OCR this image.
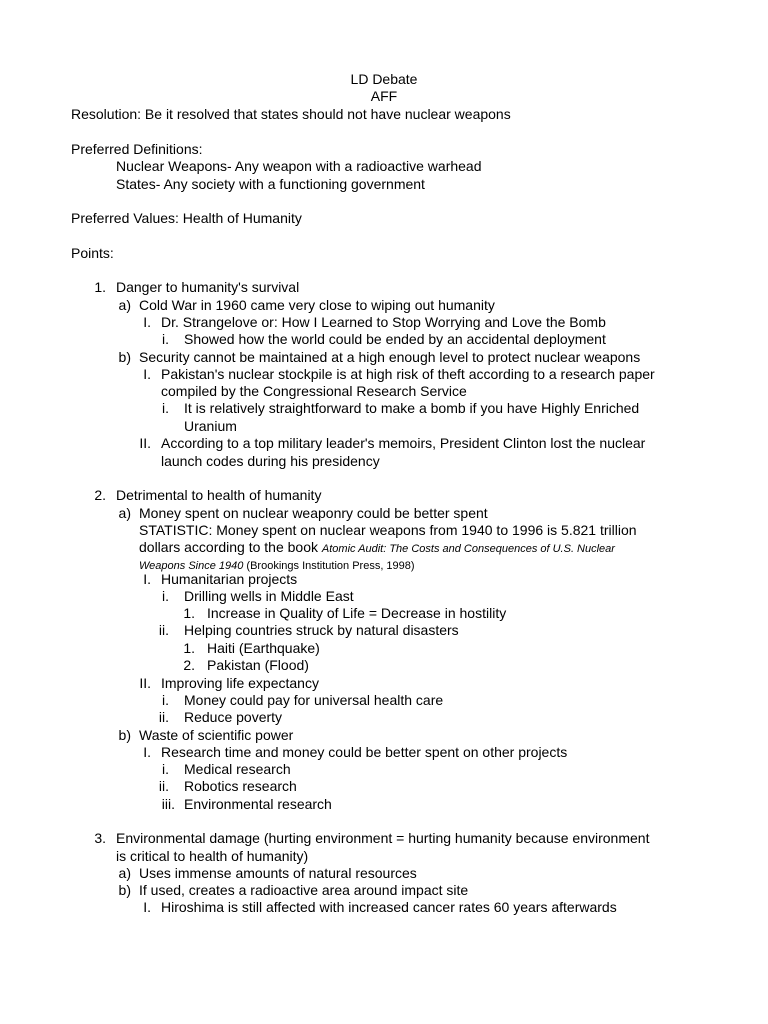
LD Debate
AFF
Resolution: Be it resolved that states should not have nuclear weapons
Preferred Definitions:
Nuclear Weapons- Any weapon with a radioactive warhead
States- Any society with a functioning government
Preferred Values: Health of Humanity
Points:
1. Danger to humanity's survival
a) Cold War in 1960 came very close to wiping out humanity
I. Dr. Strangelove or: How I Learned to Stop Worrying and Love the Bomb
i. Showed how the world could be ended by an accidental deployment
b) Security cannot be maintained at a high enough level to protect nuclear weapons
I. Pakistan's nuclear stockpile is at high risk of theft according to a research paper
compiled by the Congressional Research Service
i. It is relatively straightforward to make a bomb if you have Highly Enriched
Uranium
II. According to a top military leader's memoirs, President Clinton lost the nuclear
launch codes during his presidency
2. Detrimental to health of humanity
a) Money spent on nuclear weaponry could be better spent
STATISTIC: Money spent on nuclear weapons from 1940 to 1996 is 5.821 trillion
dollars according to the book Atomic Audit: The Costs and Consequences of U.S. Nuclear
Weapons Since 1940 (Brookings Institution Press, 1998)
I. Humanitarian projects
i. Drilling wells in Middle East
1. Increase in Quality of Life = Decrease in hostility
ii. Helping countries struck by natural disasters
1. Haiti (Earthquake)
2. Pakistan (Flood)
II. Improving life expectancy
i. Money could pay for universal health care
ii. Reduce poverty
b) Waste of scientific power
I. Research time and money could be better spent on other projects
i. Medical research
ii. Robotics research
iii. Environmental research
3. Environmental damage (hurting environment = hurting humanity because environment
is critical to health of humanity)
a) Uses immense amounts of natural resources
b) If used, creates a radioactive area around impact site
I. Hiroshima is still affected with increased cancer rates 60 years afterwards
